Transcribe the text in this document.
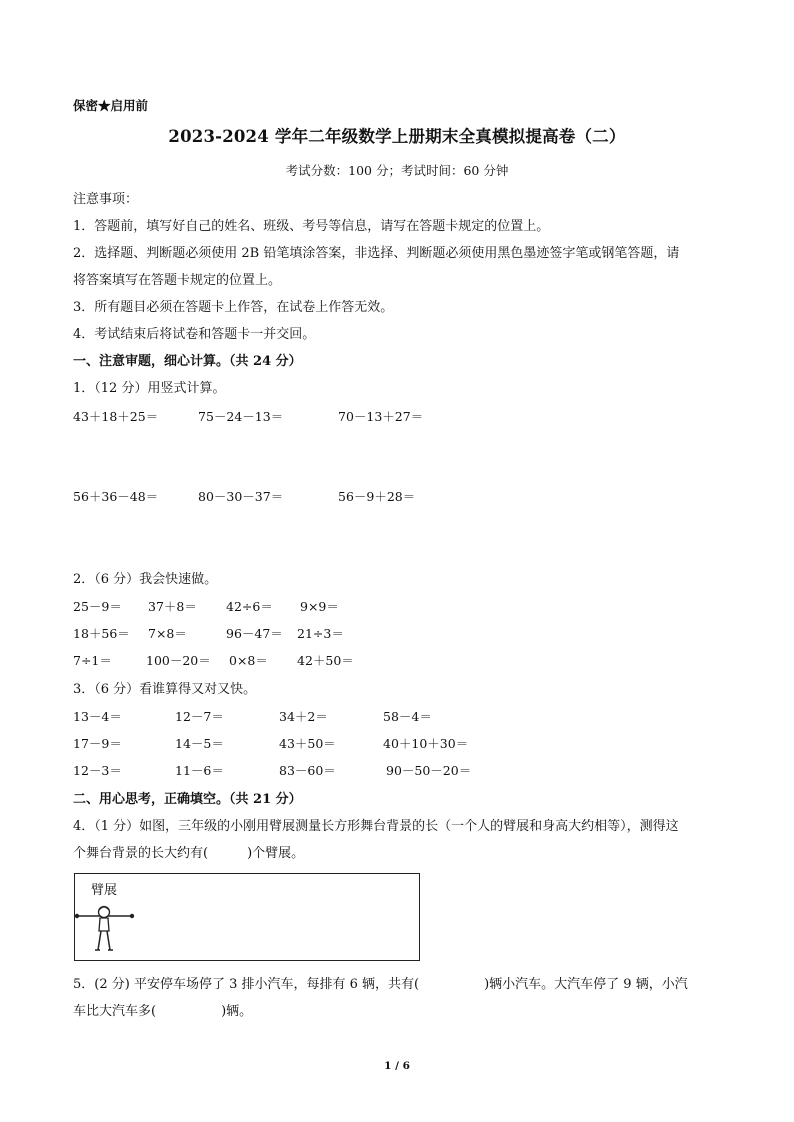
保密★启用前
2023-2024 学年二年级数学上册期末全真模拟提高卷（二）
考试分数：100 分；考试时间：60 分钟
注意事项：
1．答题前，填写好自己的姓名、班级、考号等信息，请写在答题卡规定的位置上。
2．选择题、判断题必须使用 2B 铅笔填涂答案，非选择、判断题必须使用黑色墨迹签字笔或钢笔答题，请
将答案填写在答题卡规定的位置上。
3．所有题目必须在答题卡上作答，在试卷上作答无效。
4．考试结束后将试卷和答题卡一并交回。
一、注意审题，细心计算。（共 24 分）
1．（12 分）用竖式计算。
43＋18＋25＝	75－24－13＝	70－13＋27＝
56＋36－48＝	80－30－37＝	56－9＋28＝
2．（6 分）我会快速做。
25－9＝ 37＋8＝ 42÷6＝ 9×9＝
18＋56＝ 7×8＝	96－47＝ 21÷3＝
7÷1＝	100－20＝ 0×8＝ 42＋50＝
3．（6 分）看谁算得又对又快。
13－4＝	12－7＝	34＋2＝	58－4＝
17－9＝	14－5＝	43＋50＝	40＋10＋30＝
12－3＝	11－6＝	83－60＝	90－50－20＝
二、用心思考，正确填空。（共 21 分）
4．（1 分）如图，三年级的小刚用臂展测量长方形舞台背景的长（一个人的臂展和身高大约相等），测得这
个舞台背景的长大约有(　　　)个臂展。
臂展
5．(2 分) 平安停车场停了 3 排小汽车，每排有 6 辆，共有(　　　　　)辆小汽车。大汽车停了 9 辆，小汽
车比大汽车多(　　　　　)辆。
1 / 6
